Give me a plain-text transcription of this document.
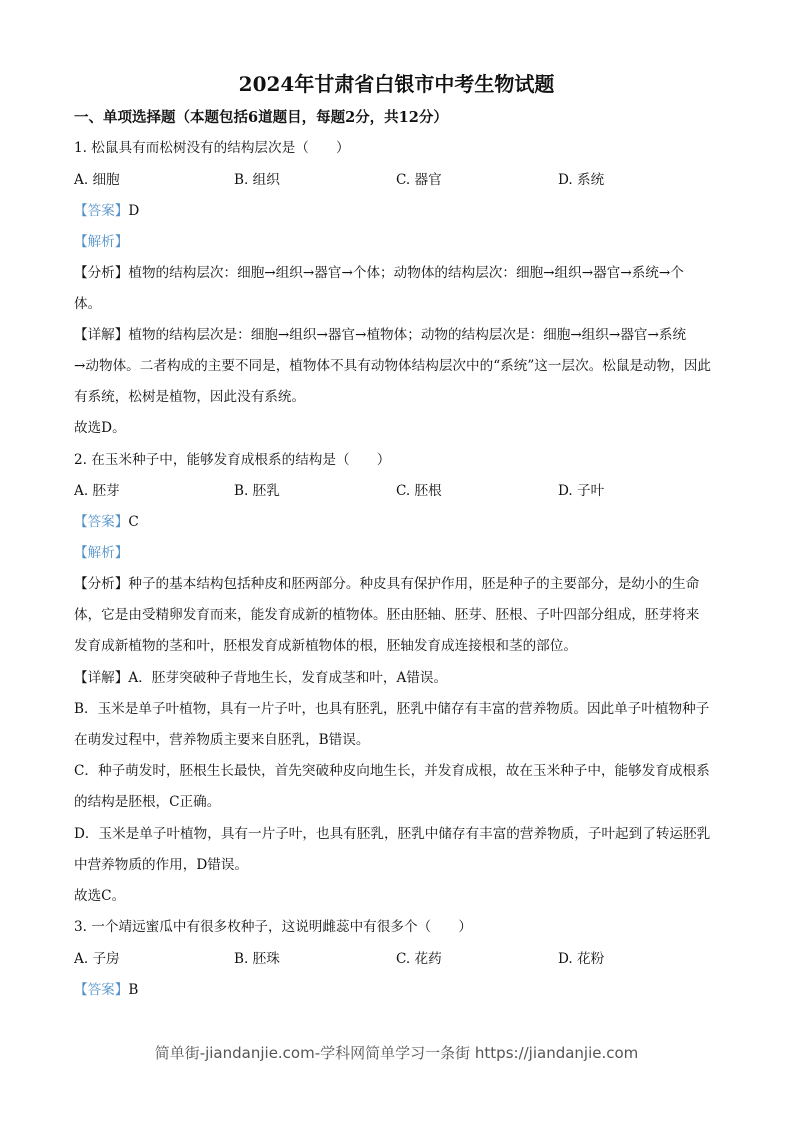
2024年甘肃省白银市中考生物试题
一、单项选择题（本题包括6道题目，每题2分，共12分）
1. 松鼠具有而松树没有的结构层次是（　　）
A. 细胞	B. 组织	C. 器官	D. 系统
【答案】D
【解析】
【分析】植物的结构层次：细胞→组织→器官→个体；动物体的结构层次：细胞→组织→器官→系统→个
体。
【详解】植物的结构层次是：细胞→组织→器官→植物体；动物的结构层次是：细胞→组织→器官→系统
→动物体。二者构成的主要不同是，植物体不具有动物体结构层次中的“系统”这一层次。松鼠是动物，因此
有系统，松树是植物，因此没有系统。
故选D。
2. 在玉米种子中，能够发育成根系的结构是（　　）
A. 胚芽	B. 胚乳	C. 胚根	D. 子叶
【答案】C
【解析】
【分析】种子的基本结构包括种皮和胚两部分。种皮具有保护作用，胚是种子的主要部分，是幼小的生命
体，它是由受精卵发育而来，能发育成新的植物体。胚由胚轴、胚芽、胚根、子叶四部分组成，胚芽将来
发育成新植物的茎和叶，胚根发育成新植物体的根，胚轴发育成连接根和茎的部位。
【详解】A．胚芽突破种子背地生长，发育成茎和叶，A错误。
B．玉米是单子叶植物，具有一片子叶，也具有胚乳，胚乳中储存有丰富的营养物质。因此单子叶植物种子
在萌发过程中，营养物质主要来自胚乳，B错误。
C．种子萌发时，胚根生长最快，首先突破种皮向地生长，并发育成根，故在玉米种子中，能够发育成根系
的结构是胚根，C正确。
D．玉米是单子叶植物，具有一片子叶，也具有胚乳，胚乳中储存有丰富的营养物质，子叶起到了转运胚乳
中营养物质的作用，D错误。
故选C。
3. 一个靖远蜜瓜中有很多枚种子，这说明雌蕊中有很多个（　　）
A. 子房	B. 胚珠	C. 花药	D. 花粉
【答案】B
简单街-jiandanjie.com-学科网简单学习一条街 https://jiandanjie.com
